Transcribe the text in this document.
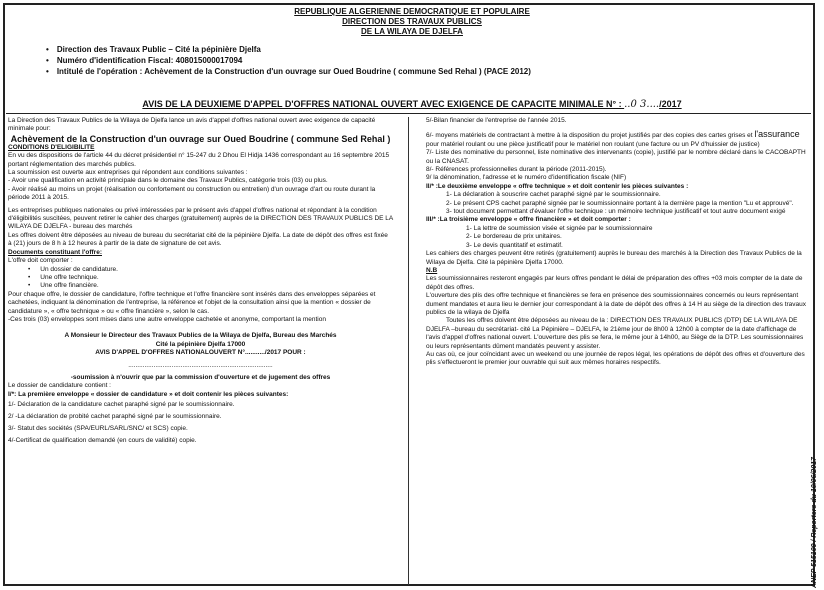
REPUBLIQUE ALGERIENNE DEMOCRATIQUE ET POPULAIRE
DIRECTION DES TRAVAUX PUBLICS
DE LA WILAYA DE DJELFA
• Direction des Travaux Public – Cité la pépinière Djelfa
• Numéro d'identification Fiscal: 408015000017094
• Intitulé de l'opération : Achèvement de la Construction d'un ouvrage sur Oued Boudrine ( commune Sed Rehal ) (PACE 2012)
AVIS DE LA DEUXIEME D'APPEL D'OFFRES NATIONAL OUVERT AVEC EXIGENCE DE CAPACITE MINIMALE N° : ..0 3..../2017

La Direction des Travaux Publics de la Wilaya de Djelfa lance un avis d'appel d'offres national ouvert avec exigence de capacité minimale pour:

Achèvement de la Construction d'un ouvrage sur Oued Boudrine ( commune Sed Rehal )

CONDITIONS D'ELIGIBILITE

En vu des dispositions de l'article 44 du décret présidentiel n° 15-247 du 2 Dhou El Hidja 1436 correspondant au 16 septembre 2015 portant réglementation des marchés publics.

La soumission est ouverte aux entreprises qui répondent aux conditions suivantes :

- Avoir une qualification en activité principale dans le domaine des Travaux Publics, catégorie trois (03) ou plus.

- Avoir réalisé au moins un projet (réalisation ou confortement ou construction ou entretien) d'un ouvrage d'art ou route durant la période 2011 à 2015.

Les entreprises publiques nationales ou privé intéressées par le présent avis d'appel d'offres national et répondant à la condition d'éligibilités suscitées, peuvent retirer le cahier des charges (gratuitement) auprès de la DIRECTION DES TRAVAUX PUBLICS DE LA WILAYA DE DJELFA - bureau des marchés

Les offres doivent être déposées au niveau de bureau du secrétariat cité de la pépinière Djelfa. La date de dépôt des offres est fixée à (21) jours de 8 h à 12 heures à partir de la date de signature de cet avis.

Documents constituant l'offre:

L'offre doit comporter :

• Un dossier de candidature.

• Une offre technique.

• Une offre financière.

Pour chaque offre, le dossier de candidature, l'offre technique et l'offre financière sont insérés dans des enveloppes séparées et cachetées, indiquant la dénomination de l'entreprise, la référence et l'objet de la consultation ainsi que la mention « dossier de candidature », « offre technique » ou « offre financière », selon le cas.

-Ces trois (03) enveloppes sont mises dans une autre enveloppe cachetée et anonyme, comportant la mention

A Monsieur le Directeur des Travaux Publics de la Wilaya de Djelfa, Bureau des Marchés

Cité la pépinière Djelfa 17000

AVIS D'APPEL D'OFFRES NATIONALOUVERT N°.........../2017 POUR :

................................................................................

-soumission à n'ouvrir que par la commission d'ouverture et de jugement des offres

Le dossier de candidature contient :

I/*: La première enveloppe « dossier de candidature » et doit contenir les pièces suivantes:

1/- Déclaration de la candidature cachet paraphé signé par le soumissionnaire.

2/ -La déclaration de probité cachet paraphé signé par le soumissionnaire.

3/- Statut des sociétés (SPA/EURL/SARL/SNC/ et SCS) copie.

4/-Certificat de qualification demandé (en cours de validité) copie.

5/-Bilan financier de l'entreprise de l'année 2015.

6/- moyens matériels de contractant à mettre à la disposition du projet justifiés par des copies des cartes grises et l'assurance pour matériel roulant ou une pièce justificatif pour le matériel non roulant (une facture ou un PV d'huissier de justice)

7/- Liste des nominative du personnel, liste nominative des intervenants (copie), justifié par le nombre déclaré dans le CACOBAPTH ou la CNASAT.

8/- Références professionnelles durant la période (2011-2015).

9/ la dénomination, l'adresse et le numéro d'identification fiscale (NIF)

II/* :Le deuxième enveloppe « offre technique » et doit contenir les pièces suivantes :

1- La déclaration à souscrire cachet paraphé signé par le soumissionnaire.

2- Le présent CPS cachet paraphé signée par le soumissionnaire portant à la dernière page la mention "Lu et approuvé".

3- tout document permettant d'évaluer l'offre technique : un mémoire technique justificatif et tout autre document exigé

III/* :La troisième enveloppe « offre financière » et doit comporter :

1- La lettre de soumission visée et signée par le soumissionnaire

2- Le bordereau de prix unitaires.

3- Le devis quantitatif et estimatif.

Les cahiers des charges peuvent être retirés (gratuitement) auprès le bureau des marchés à la Direction des Travaux Publics de la Wilaya de Djelfa. Cité la pépinière Djelfa 17000.

N.B

Les soumissionnaires resteront engagés par leurs offres pendant le délai de préparation des offres +03 mois compter de la date de dépôt des offres.

L'ouverture des plis des offre technique et financières se fera en présence des soumissionnaires concernés ou leurs représentant dument mandates et aura lieu le dernier jour correspondant à la date de dépôt des offres à 14 H au siège de la direction des travaux publics de la wilaya de Djelfa

Toutes les offres doivent être déposées au niveau de la : DIRECTION DES TRAVAUX PUBLICS (DTP) DE LA WILAYA DE DJELFA –bureau du secrétariat- cité La Pépinière – DJELFA, le 21ème jour de 8h00 à 12h00 à compter de la date d'affichage de l'avis d'appel d'offres national ouvert. L'ouverture des plis se fera, le même jour à 14h00, au Siège de la DTP. Les soumissionnaires ou leurs représentants dûment mandatés peuvent y assister.

Au cas où, ce jour coïncidant avec un weekend ou une journée de repos légal, les opérations de dépôt des offres et d'ouverture des plis s'effectueront le premier jour ouvrable qui suit aux mêmes horaires respectifs.

ANEP 515109 / Reporters du 10/06/2017
